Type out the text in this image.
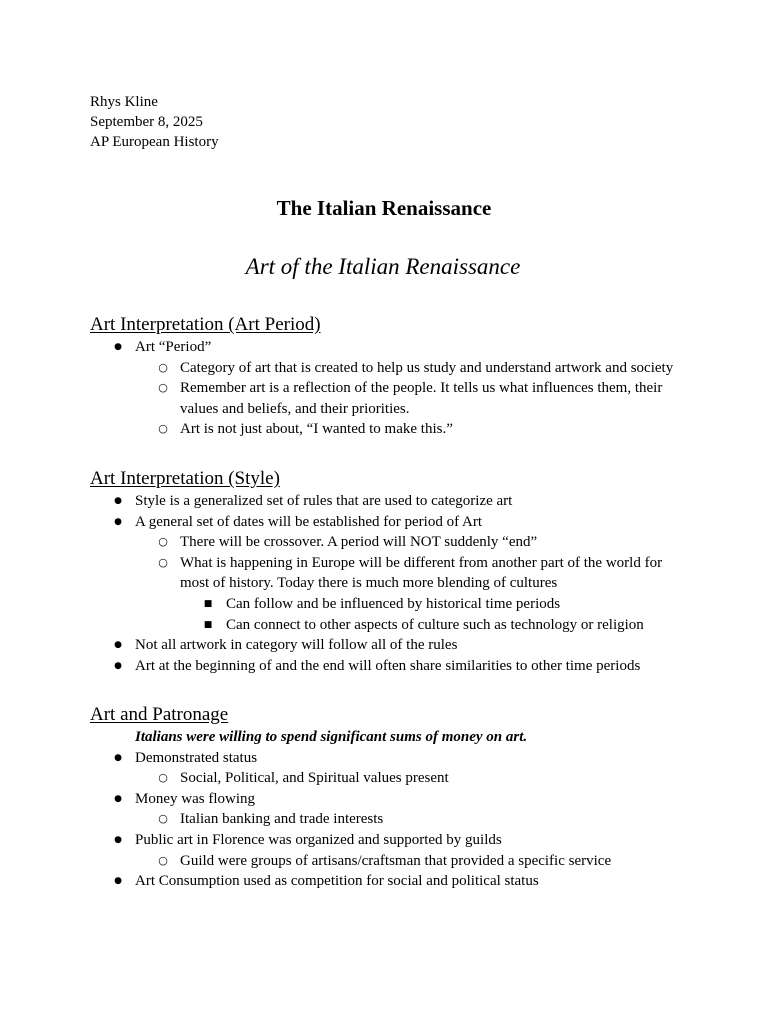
Rhys Kline
September 8, 2025
AP European History
The Italian Renaissance
Art of the Italian Renaissance
Art Interpretation (Art Period)
● Art “Period”
○ Category of art that is created to help us study and understand artwork and society
○ Remember art is a reflection of the people. It tells us what influences them, their values and beliefs, and their priorities.
○ Art is not just about, “I wanted to make this.”
Art Interpretation (Style)
● Style is a generalized set of rules that are used to categorize art
● A general set of dates will be established for period of Art
○ There will be crossover. A period will NOT suddenly “end”
○ What is happening in Europe will be different from another part of the world for most of history. Today there is much more blending of cultures
■ Can follow and be influenced by historical time periods
■ Can connect to other aspects of culture such as technology or religion
● Not all artwork in category will follow all of the rules
● Art at the beginning of and the end will often share similarities to other time periods
Art and Patronage
Italians were willing to spend significant sums of money on art.
● Demonstrated status
○ Social, Political, and Spiritual values present
● Money was flowing
○ Italian banking and trade interests
● Public art in Florence was organized and supported by guilds
○ Guild were groups of artisans/craftsman that provided a specific service
● Art Consumption used as competition for social and political status
